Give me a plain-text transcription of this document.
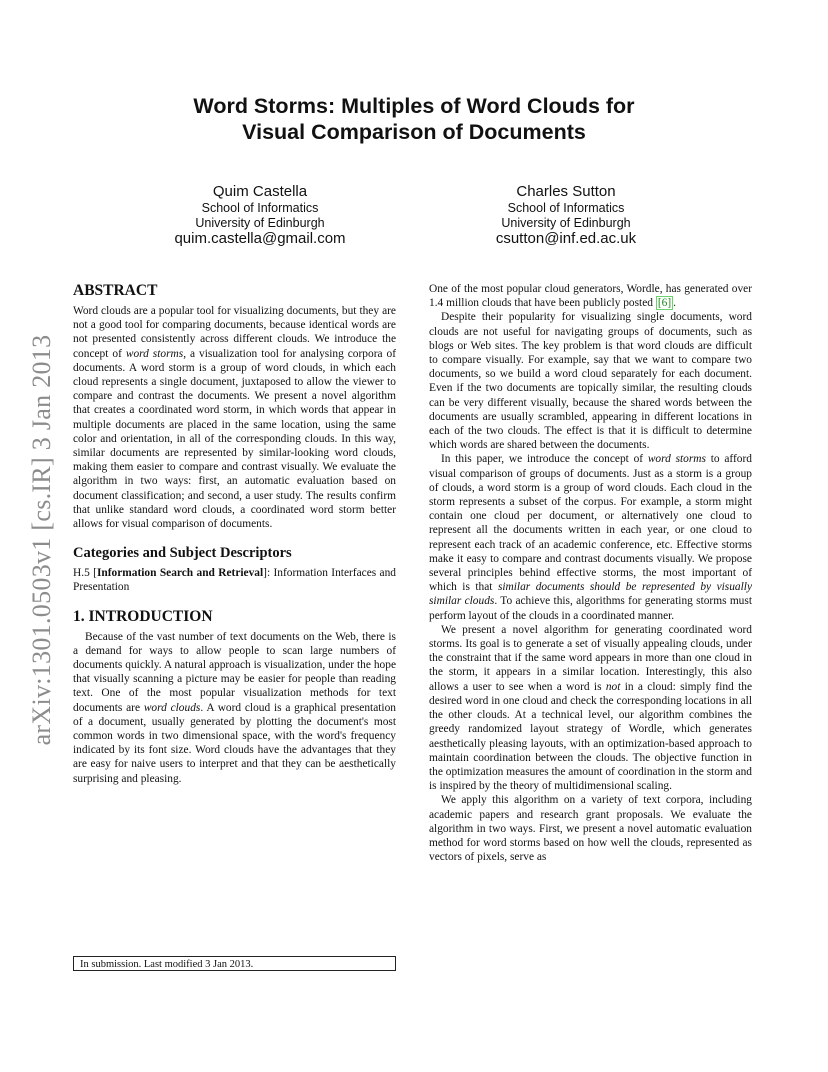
arXiv:1301.0503v1 [cs.IR] 3 Jan 2013
Word Storms: Multiples of Word Clouds for
Visual Comparison of Documents
Quim Castella
School of Informatics
University of Edinburgh
quim.castella@gmail.com
Charles Sutton
School of Informatics
University of Edinburgh
csutton@inf.ed.ac.uk
ABSTRACT

Word clouds are a popular tool for visualizing documents, but they are not a good tool for comparing documents, because identical words are not presented consistently across different clouds. We introduce the concept of word storms, a visualization tool for analysing corpora of documents. A word storm is a group of word clouds, in which each cloud represents a single document, juxtaposed to allow the viewer to compare and contrast the documents. We present a novel algorithm that creates a coordinated word storm, in which words that appear in multiple documents are placed in the same location, using the same color and orientation, in all of the corresponding clouds. In this way, similar documents are represented by similar-looking word clouds, making them easier to compare and contrast visually. We evaluate the algorithm in two ways: first, an automatic evaluation based on document classification; and second, a user study. The results confirm that unlike standard word clouds, a coordinated word storm better allows for visual comparison of documents.

Categories and Subject Descriptors

H.5 [Information Search and Retrieval]: Information Interfaces and Presentation

1. INTRODUCTION

Because of the vast number of text documents on the Web, there is a demand for ways to allow people to scan large numbers of documents quickly. A natural approach is visualization, under the hope that visually scanning a picture may be easier for people than reading text. One of the most popular visualization methods for text documents are word clouds. A word cloud is a graphical presentation of a document, usually generated by plotting the document's most common words in two dimensional space, with the word's frequency indicated by its font size. Word clouds have the advantages that they are easy for naive users to interpret and that they can be aesthetically surprising and pleasing.

One of the most popular cloud generators, Wordle, has generated over 1.4 million clouds that have been publicly posted [6] .

Despite their popularity for visualizing single documents, word clouds are not useful for navigating groups of documents, such as blogs or Web sites. The key problem is that word clouds are difficult to compare visually. For example, say that we want to compare two documents, so we build a word cloud separately for each document. Even if the two documents are topically similar, the resulting clouds can be very different visually, because the shared words between the documents are usually scrambled, appearing in different locations in each of the two clouds. The effect is that it is difficult to determine which words are shared between the documents.

In this paper, we introduce the concept of word storms to afford visual comparison of groups of documents. Just as a storm is a group of clouds, a word storm is a group of word clouds. Each cloud in the storm represents a subset of the corpus. For example, a storm might contain one cloud per document, or alternatively one cloud to represent all the documents written in each year, or one cloud to represent each track of an academic conference, etc. Effective storms make it easy to compare and contrast documents visually. We propose several principles behind effective storms, the most important of which is that similar documents should be represented by visually similar clouds. To achieve this, algorithms for generating storms must perform layout of the clouds in a coordinated manner.

We present a novel algorithm for generating coordinated word storms. Its goal is to generate a set of visually appealing clouds, under the constraint that if the same word appears in more than one cloud in the storm, it appears in a similar location. Interestingly, this also allows a user to see when a word is not in a cloud: simply find the desired word in one cloud and check the corresponding locations in all the other clouds. At a technical level, our algorithm combines the greedy randomized layout strategy of Wordle, which generates aesthetically pleasing layouts, with an optimization-based approach to maintain coordination between the clouds. The objective function in the optimization measures the amount of coordination in the storm and is inspired by the theory of multidimensional scaling.

We apply this algorithm on a variety of text corpora, including academic papers and research grant proposals. We evaluate the algorithm in two ways. First, we present a novel automatic evaluation method for word storms based on how well the clouds, represented as vectors of pixels, serve as

In submission. Last modified 3 Jan 2013.
